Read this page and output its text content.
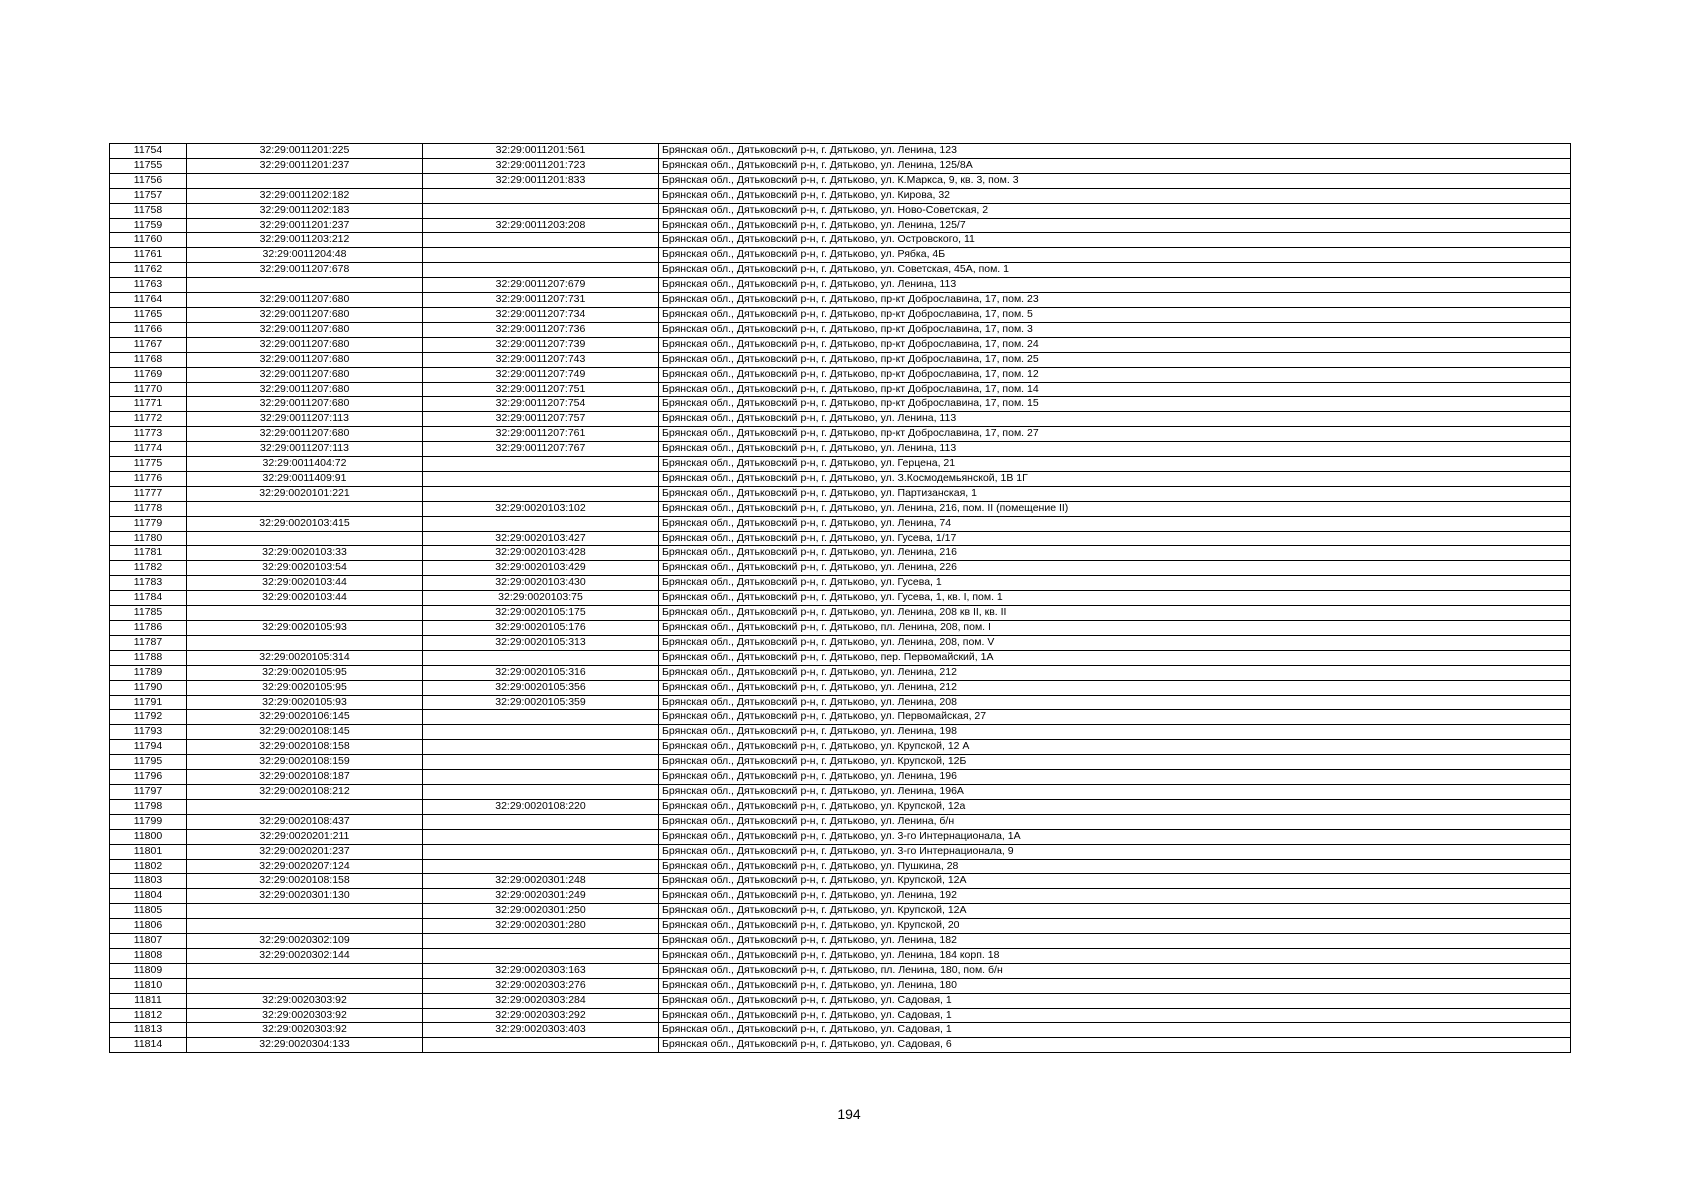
11754	32:29:0011201:225	32:29:0011201:561	Брянская обл., Дятьковский р-н, г. Дятьково, ул. Ленина, 123
11755	32:29:0011201:237	32:29:0011201:723	Брянская обл., Дятьковский р-н, г. Дятьково, ул. Ленина, 125/8А
11756		32:29:0011201:833	Брянская обл., Дятьковский р-н, г. Дятьково, ул. К.Маркса, 9, кв. 3, пом. 3
11757	32:29:0011202:182		Брянская обл., Дятьковский р-н, г. Дятьково, ул. Кирова, 32
11758	32:29:0011202:183		Брянская обл., Дятьковский р-н, г. Дятьково, ул. Ново-Советская, 2
11759	32:29:0011201:237	32:29:0011203:208	Брянская обл., Дятьковский р-н, г. Дятьково, ул. Ленина, 125/7
11760	32:29:0011203:212		Брянская обл., Дятьковский р-н, г. Дятьково, ул. Островского, 11
11761	32:29:0011204:48		Брянская обл., Дятьковский р-н, г. Дятьково, ул. Рябка, 4Б
11762	32:29:0011207:678		Брянская обл., Дятьковский р-н, г. Дятьково, ул. Советская, 45А, пом. 1
11763		32:29:0011207:679	Брянская обл., Дятьковский р-н, г. Дятьково, ул. Ленина, 113
11764	32:29:0011207:680	32:29:0011207:731	Брянская обл., Дятьковский р-н, г. Дятьково, пр-кт Доброславина, 17, пом. 23
11765	32:29:0011207:680	32:29:0011207:734	Брянская обл., Дятьковский р-н, г. Дятьково, пр-кт Доброславина, 17, пом. 5
11766	32:29:0011207:680	32:29:0011207:736	Брянская обл., Дятьковский р-н, г. Дятьково, пр-кт Доброславина, 17, пом. 3
11767	32:29:0011207:680	32:29:0011207:739	Брянская обл., Дятьковский р-н, г. Дятьково, пр-кт Доброславина, 17, пом. 24
11768	32:29:0011207:680	32:29:0011207:743	Брянская обл., Дятьковский р-н, г. Дятьково, пр-кт Доброславина, 17, пом. 25
11769	32:29:0011207:680	32:29:0011207:749	Брянская обл., Дятьковский р-н, г. Дятьково, пр-кт Доброславина, 17, пом. 12
11770	32:29:0011207:680	32:29:0011207:751	Брянская обл., Дятьковский р-н, г. Дятьково, пр-кт Доброславина, 17, пом. 14
11771	32:29:0011207:680	32:29:0011207:754	Брянская обл., Дятьковский р-н, г. Дятьково, пр-кт Доброславина, 17, пом. 15
11772	32:29:0011207:113	32:29:0011207:757	Брянская обл., Дятьковский р-н, г. Дятьково, ул. Ленина, 113
11773	32:29:0011207:680	32:29:0011207:761	Брянская обл., Дятьковский р-н, г. Дятьково, пр-кт Доброславина, 17, пом. 27
11774	32:29:0011207:113	32:29:0011207:767	Брянская обл., Дятьковский р-н, г. Дятьково, ул. Ленина, 113
11775	32:29:0011404:72		Брянская обл., Дятьковский р-н, г. Дятьково, ул. Герцена, 21
11776	32:29:0011409:91		Брянская обл., Дятьковский р-н, г. Дятьково, ул. З.Космодемьянской, 1В 1Г
11777	32:29:0020101:221		Брянская обл., Дятьковский р-н, г. Дятьково, ул. Партизанская, 1
11778		32:29:0020103:102	Брянская обл., Дятьковский р-н, г. Дятьково, ул. Ленина, 216, пом. II (помещение II)
11779	32:29:0020103:415		Брянская обл., Дятьковский р-н, г. Дятьково, ул. Ленина, 74
11780		32:29:0020103:427	Брянская обл., Дятьковский р-н, г. Дятьково, ул. Гусева, 1/17
11781	32:29:0020103:33	32:29:0020103:428	Брянская обл., Дятьковский р-н, г. Дятьково, ул. Ленина, 216
11782	32:29:0020103:54	32:29:0020103:429	Брянская обл., Дятьковский р-н, г. Дятьково, ул. Ленина, 226
11783	32:29:0020103:44	32:29:0020103:430	Брянская обл., Дятьковский р-н, г. Дятьково, ул. Гусева, 1
11784	32:29:0020103:44	32:29:0020103:75	Брянская обл., Дятьковский р-н, г. Дятьково, ул. Гусева, 1, кв. I, пом. 1
11785		32:29:0020105:175	Брянская обл., Дятьковский р-н, г. Дятьково, ул. Ленина, 208 кв II, кв. II
11786	32:29:0020105:93	32:29:0020105:176	Брянская обл., Дятьковский р-н, г. Дятьково, пл. Ленина, 208, пом. I
11787		32:29:0020105:313	Брянская обл., Дятьковский р-н, г. Дятьково, ул. Ленина, 208, пом. V
11788	32:29:0020105:314		Брянская обл., Дятьковский р-н, г. Дятьково, пер. Первомайский, 1А
11789	32:29:0020105:95	32:29:0020105:316	Брянская обл., Дятьковский р-н, г. Дятьково, ул. Ленина, 212
11790	32:29:0020105:95	32:29:0020105:356	Брянская обл., Дятьковский р-н, г. Дятьково, ул. Ленина, 212
11791	32:29:0020105:93	32:29:0020105:359	Брянская обл., Дятьковский р-н, г. Дятьково, ул. Ленина, 208
11792	32:29:0020106:145		Брянская обл., Дятьковский р-н, г. Дятьково, ул. Первомайская, 27
11793	32:29:0020108:145		Брянская обл., Дятьковский р-н, г. Дятьково, ул. Ленина, 198
11794	32:29:0020108:158		Брянская обл., Дятьковский р-н, г. Дятьково, ул. Крупской, 12 А
11795	32:29:0020108:159		Брянская обл., Дятьковский р-н, г. Дятьково, ул. Крупской, 12Б
11796	32:29:0020108:187		Брянская обл., Дятьковский р-н, г. Дятьково, ул. Ленина, 196
11797	32:29:0020108:212		Брянская обл., Дятьковский р-н, г. Дятьково, ул. Ленина, 196А
11798		32:29:0020108:220	Брянская обл., Дятьковский р-н, г. Дятьково, ул. Крупской, 12а
11799	32:29:0020108:437		Брянская обл., Дятьковский р-н, г. Дятьково, ул. Ленина, б/н
11800	32:29:0020201:211		Брянская обл., Дятьковский р-н, г. Дятьково, ул. 3-го Интернационала, 1А
11801	32:29:0020201:237		Брянская обл., Дятьковский р-н, г. Дятьково, ул. 3-го Интернационала, 9
11802	32:29:0020207:124		Брянская обл., Дятьковский р-н, г. Дятьково, ул. Пушкина, 28
11803	32:29:0020108:158	32:29:0020301:248	Брянская обл., Дятьковский р-н, г. Дятьково, ул. Крупской, 12А
11804	32:29:0020301:130	32:29:0020301:249	Брянская обл., Дятьковский р-н, г. Дятьково, ул. Ленина, 192
11805		32:29:0020301:250	Брянская обл., Дятьковский р-н, г. Дятьково, ул. Крупской, 12А
11806		32:29:0020301:280	Брянская обл., Дятьковский р-н, г. Дятьково, ул. Крупской, 20
11807	32:29:0020302:109		Брянская обл., Дятьковский р-н, г. Дятьково, ул. Ленина, 182
11808	32:29:0020302:144		Брянская обл., Дятьковский р-н, г. Дятьково, ул. Ленина, 184 корп. 18
11809		32:29:0020303:163	Брянская обл., Дятьковский р-н, г. Дятьково, пл. Ленина, 180, пом. б/н
11810		32:29:0020303:276	Брянская обл., Дятьковский р-н, г. Дятьково, ул. Ленина, 180
11811	32:29:0020303:92	32:29:0020303:284	Брянская обл., Дятьковский р-н, г. Дятьково, ул. Садовая, 1
11812	32:29:0020303:92	32:29:0020303:292	Брянская обл., Дятьковский р-н, г. Дятьково, ул. Садовая, 1
11813	32:29:0020303:92	32:29:0020303:403	Брянская обл., Дятьковский р-н, г. Дятьково, ул. Садовая, 1
11814	32:29:0020304:133		Брянская обл., Дятьковский р-н, г. Дятьково, ул. Садовая, 6
194
